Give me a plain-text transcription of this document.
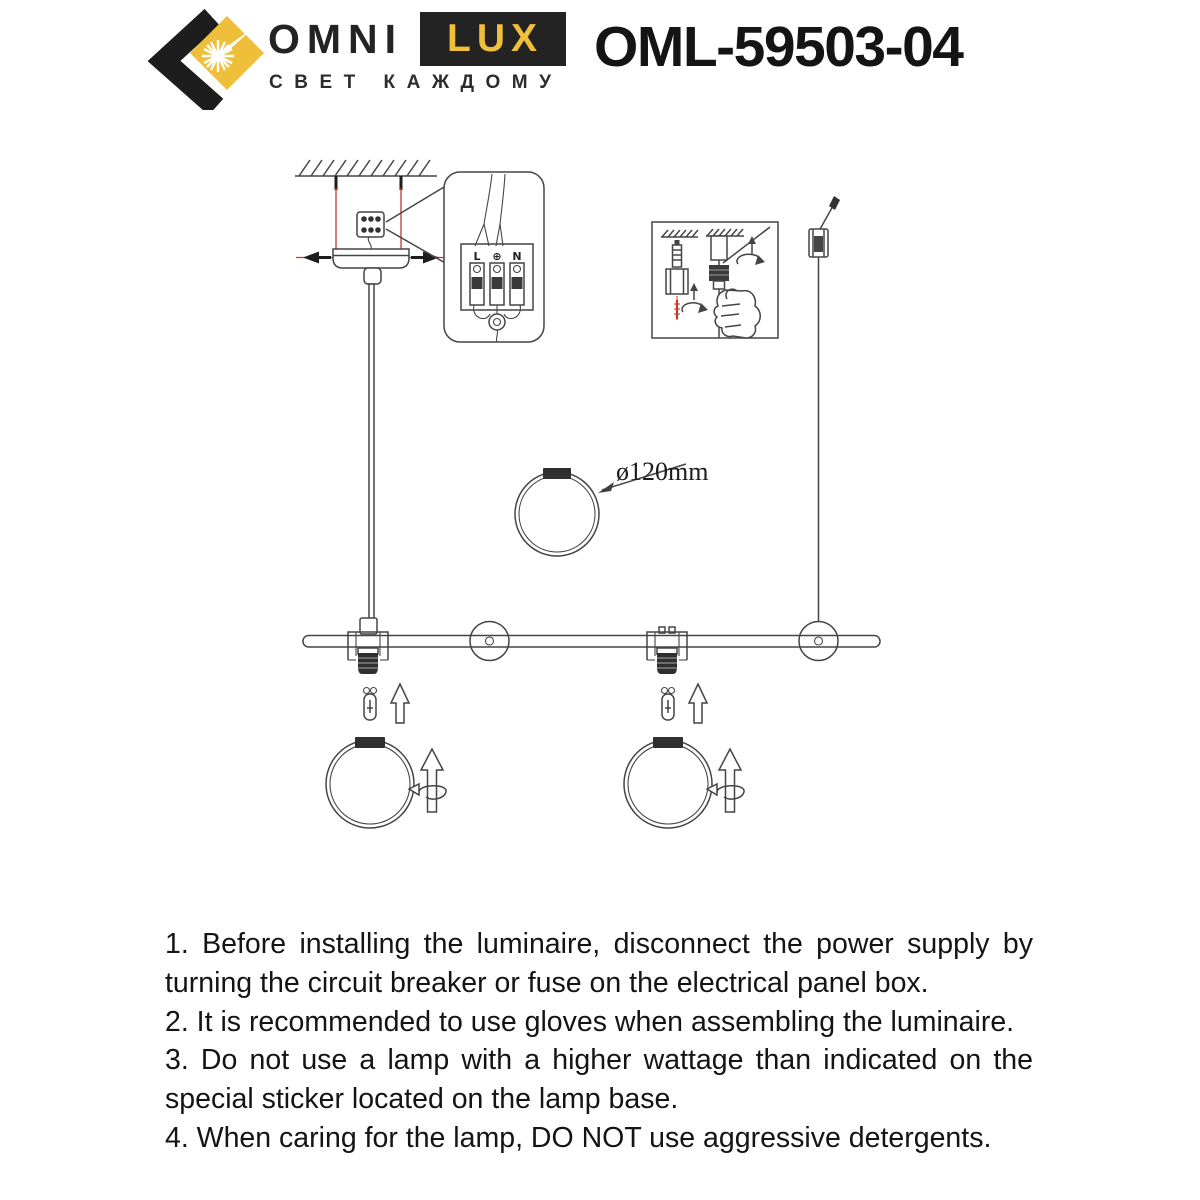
OMNI LUX
СВЕТ КАЖДОМУ
OML-59503-04
L ⊕ N
ø120mm

1. Before installing the luminaire, disconnect the power supply by turning the circuit breaker or fuse on the electrical panel box.

2. It is recommended to use gloves when assembling the luminaire.

3. Do not use a lamp with a higher wattage than indicated on the special sticker located on the lamp base.

4. When caring for the lamp, DO NOT use aggressive detergents.
